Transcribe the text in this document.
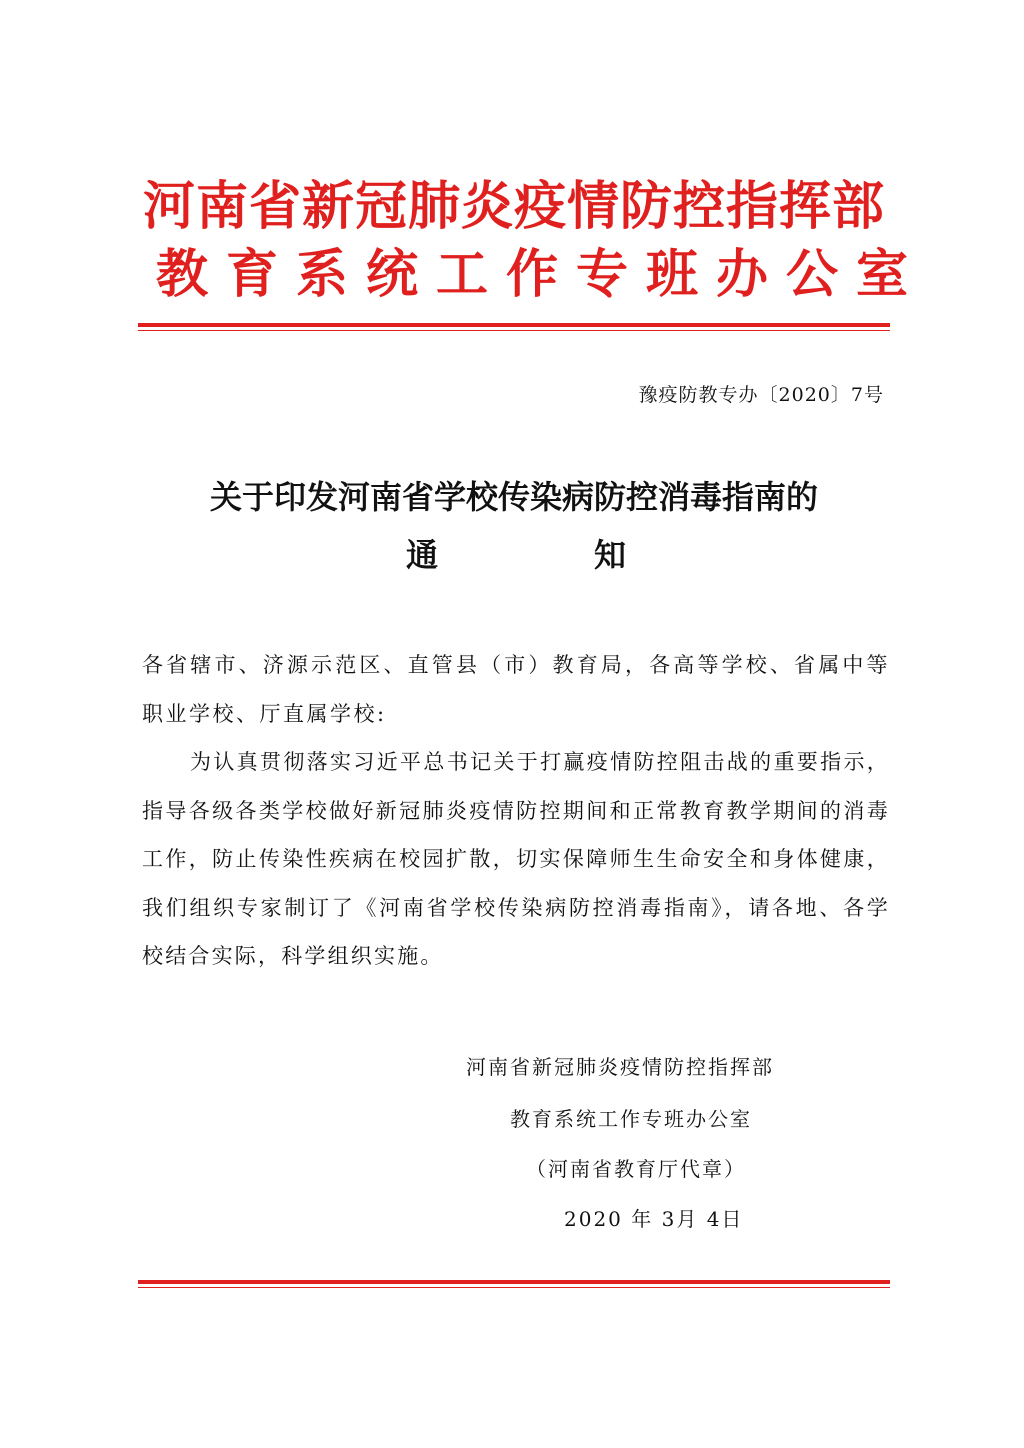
河南省新冠肺炎疫情防控指挥部
教育系统工作专班办公室
豫疫防教专办〔2020〕7号
关于印发河南省学校传染病防控消毒指南的
通知
各省辖市、济源示范区、直管县（市）教育局，各高等学校、省属中等职业学校、厅直属学校:
为认真贯彻落实习近平总书记关于打赢疫情防控阻击战的重要指示，指导各级各类学校做好新冠肺炎疫情防控期间和正常教育教学期间的消毒工作，防止传染性疾病在校园扩散，切实保障师生生命安全和身体健康，我们组织专家制订了《河南省学校传染病防控消毒指南》，请各地、各学校结合实际，科学组织实施。
河南省新冠肺炎疫情防控指挥部
教育系统工作专班办公室
（河南省教育厅代章）
2020 年 3月 4日
